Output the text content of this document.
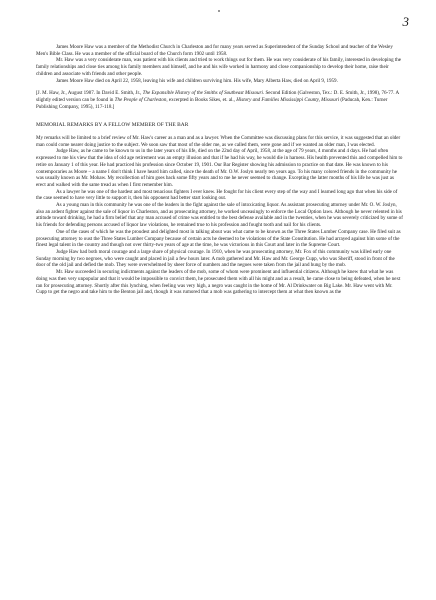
3

James Moore Haw was a member of the Methodist Church in Charleston and for many years served as Superintendent of the Sunday School and teacher of the Wesley Men's Bible Class. He was a member of the official board of the Church form 1902 until 1958.

Mr. Haw was a very considerate man, was patient with his clients and tried to work things out for them. He was very considerate of his family, interested in developing the family relationships and close ties among his family members and himself, and he and his wife worked in harmony and close companionship to develop their home, raise their children and associate with friends and other people.

James Moore Haw died on April 22, 1958, leaving his wife and children surviving him. His wife, Mary Alberta Haw, died on April 9, 1959.

[J. M. Haw, Jr., August 1987. In David E. Smith, Jr., The Expansible History of the Smiths of Southeast Missouri. Second Edition (Galveston, Tex.: D. E. Smith, Jr., 1998), 76-77. A slightly edited version can be found in The People of Charleston, excerpted in Books Sikes, et. al., History and Families Mississippi County, Missouri (Paducah, Ken.: Turner Publishing Company, 1995), 117-118.]

MEMORIAL REMARKS BY A FELLOW MEMBER OF THE BAR

My remarks will be limited to a brief review of Mr. Haw's career as a man and as a lawyer. When the Committee was discussing plans for this service, it was suggested that an older man could come nearer doing justice to the subject. We soon saw that most of the older me, as we called them, were gone and if we wanted an older man, I was elected.

Judge Haw, as he came to be known to us in the later years of his life, died on the 22nd day of April, 1958, at the age of 79 years, 4 months and 4 days. He had often expressed to me his view that the idea of old age retirement was an empty illusion and that if he had his way, he would die in harness. His health prevented this and compelled him to retire on January 1 of this year. He had practiced his profession since October 19, 1901. Our Bar Register showing his admission to practice on that date. He was known to his contemporaries as Moore – a name I don't think I have heard him called, since the death of Mr. O.W. Joslyn nearly ten years ago. To his many colored friends in the community he was usually known as Mr. Mohaw. My recollection of him goes back some fifty years and to me he never seemed to change. Excepting the latter months of his life he was just as erect and walked with the same tread as when I first remember him.

As a lawyer he was one of the hardest and most tenacious fighters I ever knew. He fought for his client every step of the way and I learned long ago that when his side of the case seemed to have very little to support it, then his opponent had better start looking out.

As a young man in this community he was one of the leaders in the fight against the sale of intoxicating liquor. As assistant prosecuting attorney under Mr. O. W. Joslyn, also an ardent fighter against the sale of liquor in Charleston, and as prosecuting attorney, he worked unceasingly to enforce the Local Option laws. Although he never relented in his attitude toward drinking, he had a firm belief that any man accused of crime was entitled to the best defense available and in the twenties, when he was severely criticized by some of his friends for defending persons accused of liquor law violations, he remained true to his profession and fought tooth and nail for his clients.

One of the cases of which he was the proudest and delighted most in talking about was what came to be known as the Three States Lumber Company case. He filed suit as prosecuting attorney to oust the Three States Lumber Company because of certain acts he deemed to be violations of the State Constitution. He had arrayed against him some of the finest legal talent in the country and though not over thirty-two years of age at the time, he was victorious in this Court and later in the Supreme Court.

Judge Haw had both moral courage and a large share of physical courage. In 1910, when he was prosecuting attorney, Mr. Fox of this community was killed early one Sunday morning by two negroes, who were caught and placed in jail a few hours later. A mob gathered and Mr. Haw and Mr. George Cupp, who was Sheriff, stood in front of the door of the old jail and defied the mob. They were overwhelmed by sheer force of numbers and the negoes were taken from the jail and hung by the mob.

Mr. Haw succeeded in securing indictments against the leaders of the mob, some of whom were prominent and influential citizens. Although he knew that what he was doing was then very unpopular and that it would be impossible to convict them, he prosecuted them with all his might and as a result, he came close to being defeated, when he next ran for prosecuting attorney. Shortly after this lynching, when feeling was very high, a negro was caught in the home of Mr. Al Drinkwater on Big Lake. Mr. Haw went with Mr. Cupp to get the negro and take him to the Benton jail and, though it was rumored that a mob was gathering to intercept them at what then known as the
